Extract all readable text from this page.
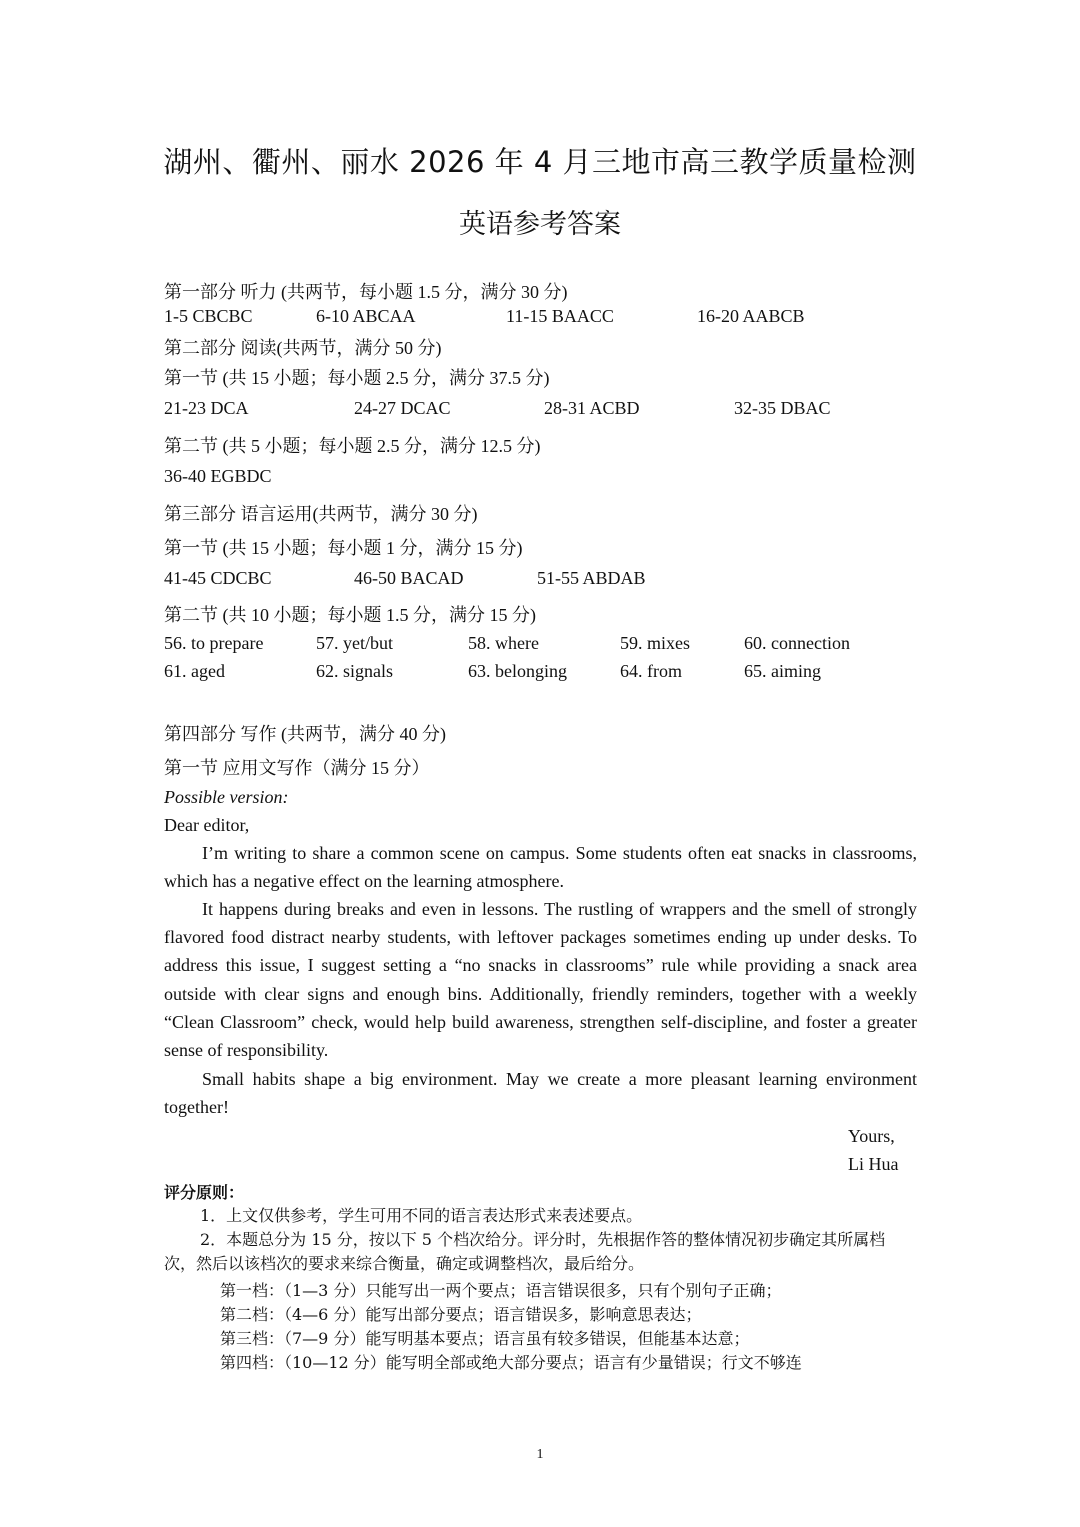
湖州、衢州、丽水 2026 年 4 月三地市高三教学质量检测
英语参考答案
第一部分 听力 (共两节，每小题 1.5 分，满分 30 分)
1-5 CBCBC	6-10 ABCAA	11-15 BAACC	16-20 AABCB
第二部分 阅读(共两节，满分 50 分)
第一节 (共 15 小题；每小题 2.5 分，满分 37.5 分)
21-23 DCA	24-27 DCAC	28-31 ACBD	32-35 DBAC
第二节 (共 5 小题；每小题 2.5 分，满分 12.5 分)
36-40 EGBDC
第三部分 语言运用(共两节，满分 30 分)
第一节 (共 15 小题；每小题 1 分，满分 15 分)
41-45 CDCBC	46-50 BACAD	51-55 ABDAB
第二节 (共 10 小题；每小题 1.5 分，满分 15 分)
56. to prepare	57. yet/but	58. where	59. mixes	60. connection
61. aged	62. signals	63. belonging	64. from	65. aiming
第四部分 写作 (共两节，满分 40 分)
第一节 应用文写作（满分 15 分）
Possible version:
Dear editor,
I’m writing to share a common scene on campus. Some students often eat snacks in classrooms, which has a negative effect on the learning atmosphere.
It happens during breaks and even in lessons. The rustling of wrappers and the smell of strongly flavored food distract nearby students, with leftover packages sometimes ending up under desks. To address this issue, I suggest setting a “no snacks in classrooms” rule while providing a snack area outside with clear signs and enough bins. Additionally, friendly reminders, together with a weekly “Clean Classroom” check, would help build awareness, strengthen self-discipline, and foster a greater sense of responsibility.
Small habits shape a big environment. May we create a more pleasant learning environment together!
Yours,
Li Hua
评分原则：
1．上文仅供参考，学生可用不同的语言表达形式来表述要点。
2．本题总分为 15 分，按以下 5 个档次给分。评分时，先根据作答的整体情况初步确定其所属档次，然后以该档次的要求来综合衡量，确定或调整档次，最后给分。
第一档：（1—3 分）只能写出一两个要点；语言错误很多，只有个别句子正确；
第二档：（4—6 分）能写出部分要点；语言错误多，影响意思表达；
第三档：（7—9 分）能写明基本要点；语言虽有较多错误，但能基本达意；
第四档：（10—12 分）能写明全部或绝大部分要点；语言有少量错误；行文不够连
1
